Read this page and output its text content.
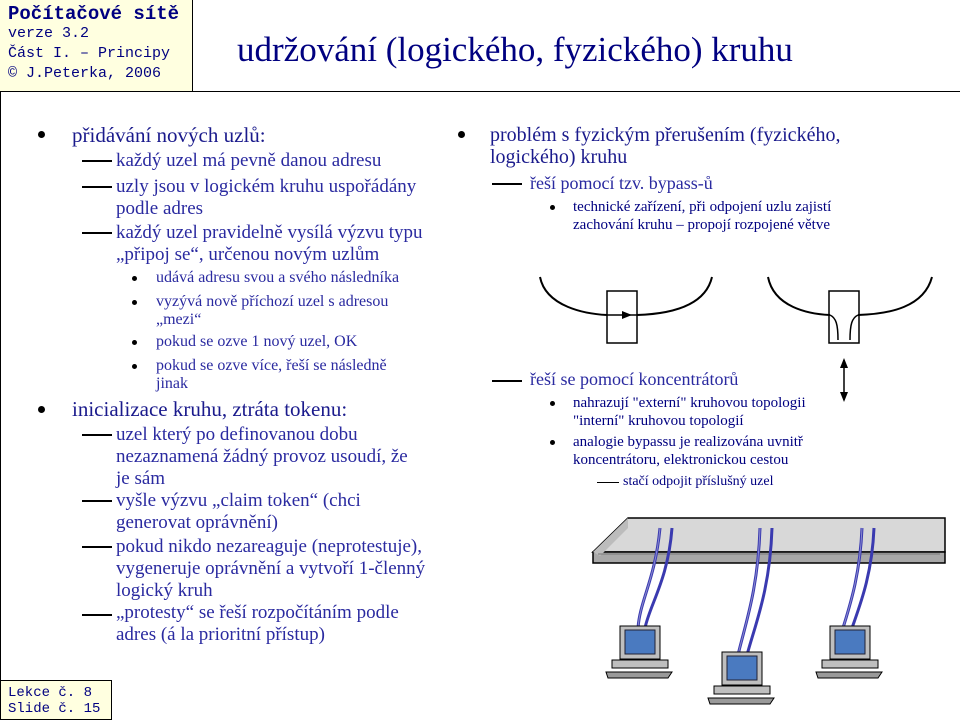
Počítačové sítě
verze 3.2
Část I. – Principy
© J.Peterka, 2006
udržování (logického, fyzického) kruhu
přidávání nových uzlů:
každý uzel má pevně danou adresu
uzly jsou v logickém kruhu uspořádány
podle adres
každý uzel pravidelně vysílá výzvu typu
„připoj se“, určenou novým uzlům
udává adresu svou a svého následníka
vyzývá nově příchozí uzel s adresou
„mezi“
pokud se ozve 1 nový uzel, OK
pokud se ozve více, řeší se následně
jinak
inicializace kruhu, ztráta tokenu:
uzel který po definovanou dobu
nezaznamená žádný provoz usoudí, že
je sám
vyšle výzvu „claim token“ (chci
generovat oprávnění)
pokud nikdo nezareaguje (neprotestuje),
vygeneruje oprávnění a vytvoří 1-členný
logický kruh
„protesty“ se řeší rozpočítáním podle
adres (á la prioritní přístup)
problém s fyzickým přerušením (fyzického,
logického) kruhu
řeší pomocí tzv. bypass-ů
technické zařízení, při odpojení uzlu zajistí
zachování kruhu – propojí rozpojené větve
řeší se pomocí koncentrátorů
nahrazují "externí" kruhovou topologii
"interní" kruhovou topologií
analogie bypassu je realizována uvnitř
koncentrátoru, elektronickou cestou
stačí odpojit příslušný uzel
Lekce č. 8
Slide č. 15
